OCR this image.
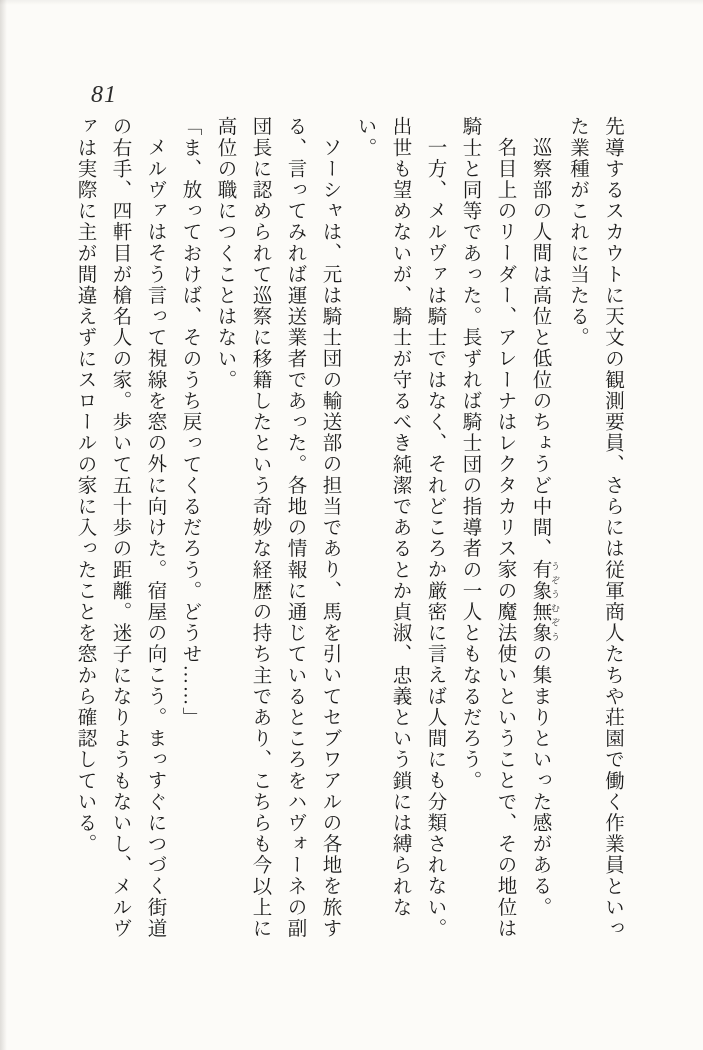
81

先導するスカウトに天文の観測要員、さらには従軍商人たちや荘園で働く作業員といった業種がこれに当たる。

巡察部の人間は高位と低位のちょうど中間、有象無象 うぞうむぞうの集まりといった感がある。

名目上のリーダー、アレーナはレクタカリス家の魔法使いということで、その地位は騎士と同等であった。長ずれば騎士団の指導者の一人ともなるだろう。

一方、メルヴァは騎士ではなく、それどころか厳密に言えば人間にも分類されない。出世も望めないが、騎士が守るべき純潔であるとか貞淑、忠義という鎖には縛られない。

ソーシャは、元は騎士団の輸送部の担当であり、馬を引いてセブワアルの各地を旅する、言ってみれば運送業者であった。各地の情報に通じているところをハヴォーネの副団長に認められて巡察に移籍したという奇妙な経歴の持ち主であり、こちらも今以上に高位の職につくことはない。

「ま、放っておけば、そのうち戻ってくるだろう。どうせ……」

メルヴァはそう言って視線を窓の外に向けた。宿屋の向こう。まっすぐにつづく街道の右手、四軒目が槍名人の家。歩いて五十歩の距離。迷子になりようもないし、メルヴァは実際に主が間違えずにスロールの家に入ったことを窓から確認している。
